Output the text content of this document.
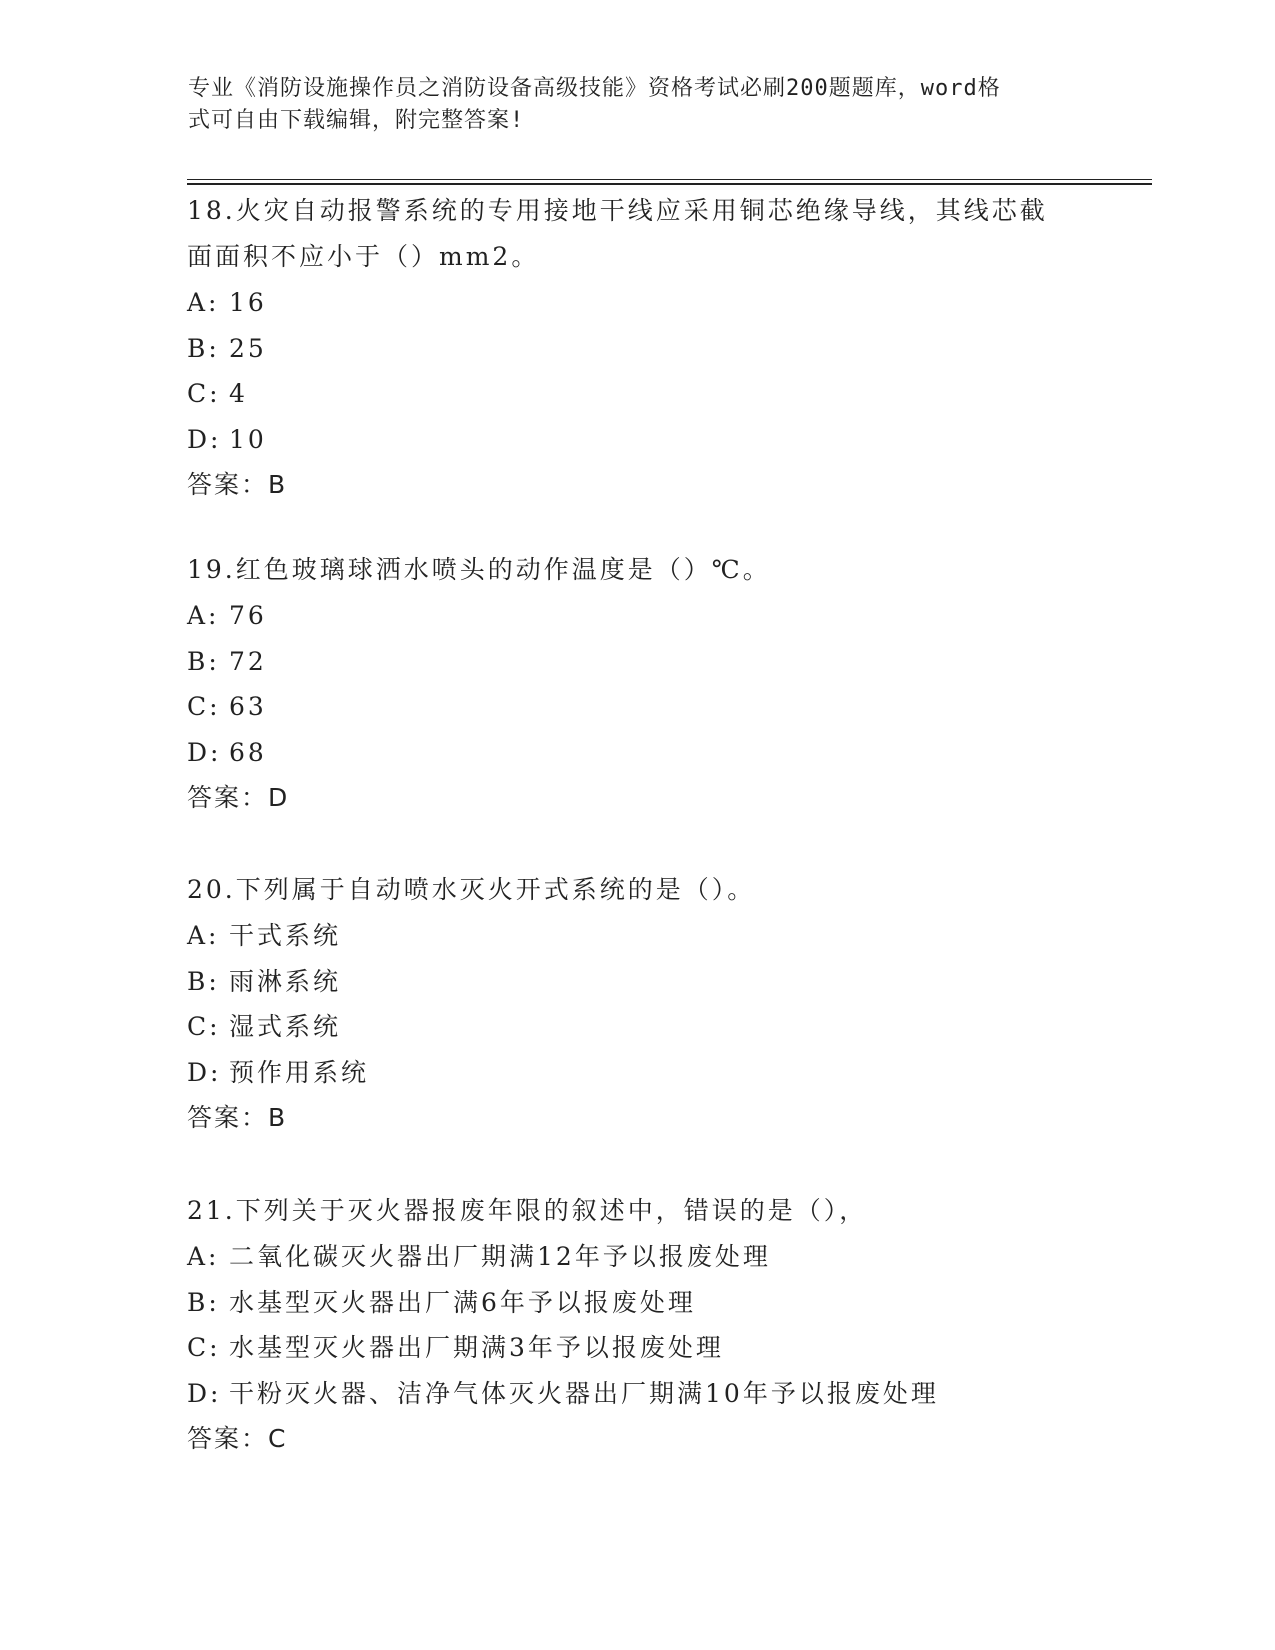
专业《消防设施操作员之消防设备高级技能》资格考试必刷200题题库，word格
式可自由下载编辑，附完整答案!
18.火灾自动报警系统的专用接地干线应采用铜芯绝缘导线，其线芯截
面面积不应小于（）mm2。
A: 16
B: 25
C: 4
D: 10
答案：B
19.红色玻璃球洒水喷头的动作温度是（）℃。
A: 76
B: 72
C: 63
D: 68
答案：D
20.下列属于自动喷水灭火开式系统的是（）。
A: 干式系统
B: 雨淋系统
C: 湿式系统
D: 预作用系统
答案：B
21.下列关于灭火器报废年限的叙述中，错误的是（），
A: 二氧化碳灭火器出厂期满12年予以报废处理
B: 水基型灭火器出厂满6年予以报废处理
C: 水基型灭火器出厂期满3年予以报废处理
D: 干粉灭火器、洁净气体灭火器出厂期满10年予以报废处理
答案：C
